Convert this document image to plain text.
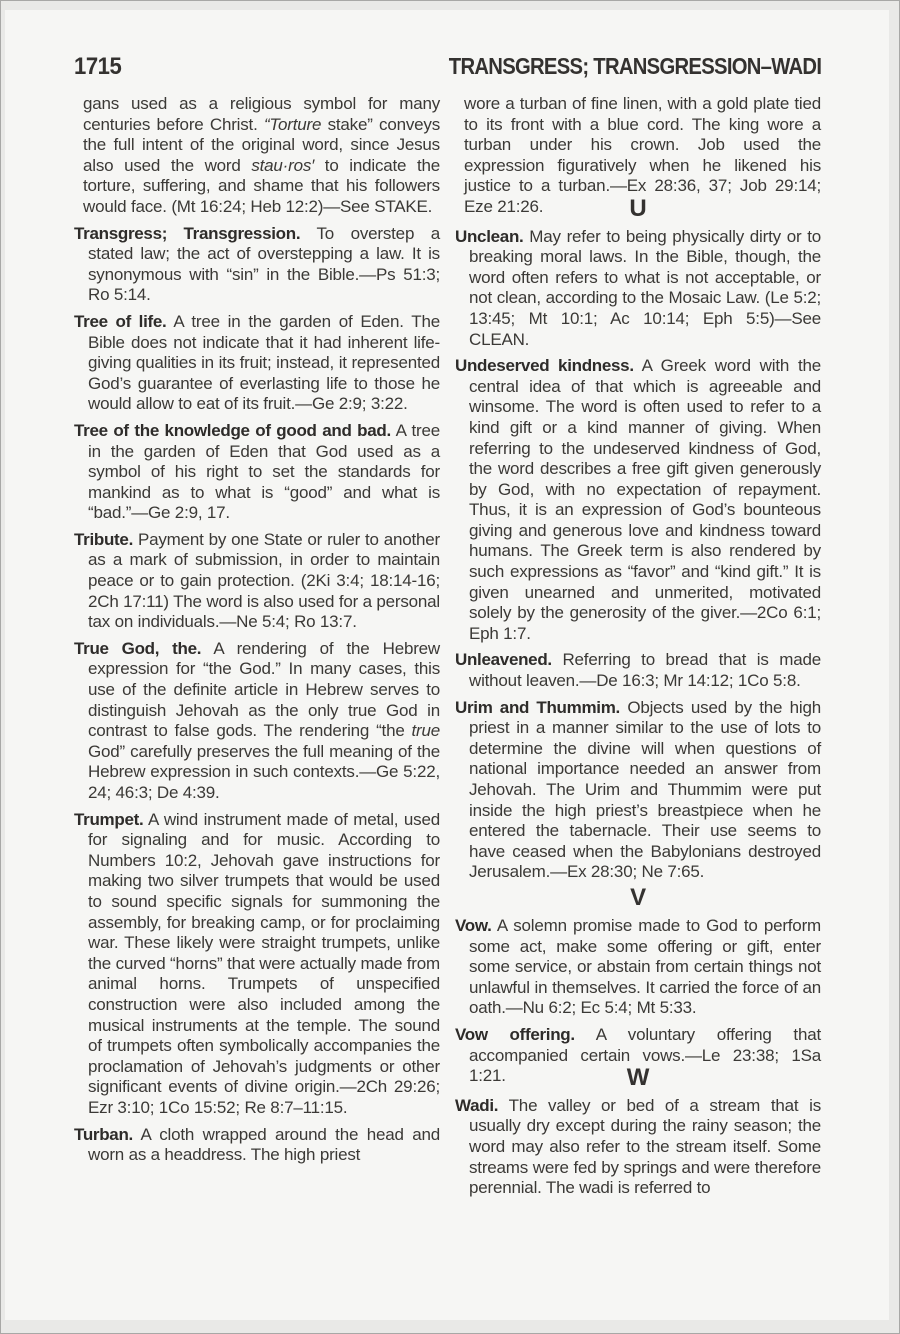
1715	TRANSGRESS; TRANSGRESSION–WADI

gans used as a religious symbol for many centuries before Christ. “Torture stake” conveys the full intent of the original word, since Jesus also used the word stau·ros′ to indicate the torture, suffering, and shame that his followers would face. (Mt 16:24; Heb 12:2)—See STAKE.

Transgress; Transgression. To overstep a stated law; the act of overstepping a law. It is synonymous with “sin” in the Bible.—Ps 51:3; Ro 5:14.

Tree of life. A tree in the garden of Eden. The Bible does not indicate that it had inherent life-giving qualities in its fruit; instead, it represented God’s guarantee of everlasting life to those he would allow to eat of its fruit.—Ge 2:9; 3:22.

Tree of the knowledge of good and bad. A tree in the garden of Eden that God used as a symbol of his right to set the standards for mankind as to what is “good” and what is “bad.”—Ge 2:9, 17.

Tribute. Payment by one State or ruler to another as a mark of submission, in order to maintain peace or to gain protection. (2Ki 3:4; 18:14-16; 2Ch 17:11) The word is also used for a personal tax on individuals.—Ne 5:4; Ro 13:7.

True God, the. A rendering of the Hebrew expression for “the God.” In many cases, this use of the definite article in Hebrew serves to distinguish Jehovah as the only true God in contrast to false gods. The rendering “the true God” carefully preserves the full meaning of the Hebrew expression in such contexts.—Ge 5:22, 24; 46:3; De 4:39.

Trumpet. A wind instrument made of metal, used for signaling and for music. According to Numbers 10:2, Jehovah gave instructions for making two silver trumpets that would be used to sound specific signals for summoning the assembly, for breaking camp, or for proclaiming war. These likely were straight trumpets, unlike the curved “horns” that were actually made from animal horns. Trumpets of unspecified construction were also included among the musical instruments at the temple. The sound of trumpets often symbolically accompanies the proclamation of Jehovah’s judgments or other significant events of divine origin.—2Ch 29:26; Ezr 3:10; 1Co 15:52; Re 8:7–11:15.

Turban. A cloth wrapped around the head and worn as a headdress. The high priest

wore a turban of fine linen, with a gold plate tied to its front with a blue cord. The king wore a turban under his crown. Job used the expression figuratively when he likened his justice to a turban.—Ex 28:36, 37; Job 29:14; Eze 21:26.	U

Unclean. May refer to being physically dirty or to breaking moral laws. In the Bible, though, the word often refers to what is not acceptable, or not clean, according to the Mosaic Law. (Le 5:2; 13:45; Mt 10:1; Ac 10:14; Eph 5:5)—See CLEAN.

Undeserved kindness. A Greek word with the central idea of that which is agreeable and winsome. The word is often used to refer to a kind gift or a kind manner of giving. When referring to the undeserved kindness of God, the word describes a free gift given generously by God, with no expectation of repayment. Thus, it is an expression of God’s bounteous giving and generous love and kindness toward humans. The Greek term is also rendered by such expressions as “favor” and “kind gift.” It is given unearned and unmerited, motivated solely by the generosity of the giver.—2Co 6:1; Eph 1:7.

Unleavened. Referring to bread that is made without leaven.—De 16:3; Mr 14:12; 1Co 5:8.

Urim and Thummim. Objects used by the high priest in a manner similar to the use of lots to determine the divine will when questions of national importance needed an answer from Jehovah. The Urim and Thummim were put inside the high priest’s breastpiece when he entered the tabernacle. Their use seems to have ceased when the Babylonians destroyed Jerusalem.—Ex 28:30; Ne 7:65.

V

Vow. A solemn promise made to God to perform some act, make some offering or gift, enter some service, or abstain from certain things not unlawful in themselves. It carried the force of an oath.—Nu 6:2; Ec 5:4; Mt 5:33.

Vow offering. A voluntary offering that accompanied certain vows.—Le 23:38; 1Sa 1:21.	W

Wadi. The valley or bed of a stream that is usually dry except during the rainy season; the word may also refer to the stream itself. Some streams were fed by springs and were therefore perennial. The wadi is referred to
